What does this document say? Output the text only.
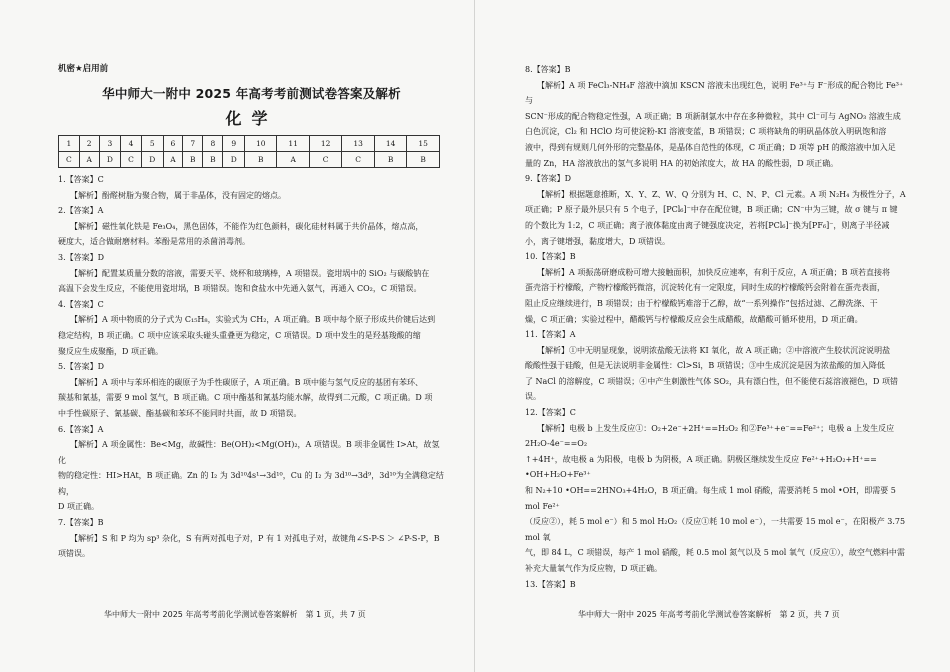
机密★启用前
华中师大一附中 2025 年高考考前测试卷答案及解析
化学
1	2	3	4	5	6	7	8	9	10	11	12	13	14	15
C	A	D	C	D	A	B	B	D	B	A	C	C	B	B

1.【答案】C

【解析】酚醛树脂为聚合物，属于非晶体，没有固定的熔点。

2.【答案】A

【解析】磁性氧化铁是 Fe₃O₄，黑色固体，不能作为红色颜料，碳化硅材料属于共价晶体，熔点高，

硬度大，适合做耐磨材料。苯酚是常用的杀菌消毒剂。

3.【答案】D

【解析】配置某质量分数的溶液，需要天平、烧杯和玻璃棒，A 项错误。瓷坩埚中的 SiO₂ 与碳酸钠在

高温下会发生反应，不能使用瓷坩埚，B 项错误。饱和食盐水中先通入氨气，再通入 CO₂，C 项错误。

4.【答案】C

【解析】A 项中物质的分子式为 C₁₅H₈，实验式为 CH₂，A 项正确。B 项中每个原子形成共价键后达到

稳定结构，B 项正确。C 项中应该采取头碰头重叠更为稳定，C 项错误。D 项中发生的是羟基羧酸的缩

聚反应生成聚酯，D 项正确。

5.【答案】D

【解析】A 项中与苯环相连的碳原子为手性碳原子，A 项正确。B 项中能与氢气反应的基团有苯环、

羰基和氰基，需要 9 mol 氢气，B 项正确。C 项中酯基和氰基均能水解，故得到二元酸，C 项正确。D 项

中手性碳原子、氰基碳、酯基碳和苯环不能同时共面，故 D 项错误。

6.【答案】A

【解析】A 项金属性：Be<Mg，故碱性：Be(OH)₂<Mg(OH)₂，A 项错误。B 项非金属性 I>At，故氢化

物的稳定性：HI>HAt，B 项正确。Zn 的 I₂ 为 3d¹⁰4s¹→3d¹⁰，Cu 的 I₂ 为 3d¹⁰→3d⁹，3d¹⁰为全满稳定结构，

D 项正确。

7.【答案】B

【解析】S 和 P 均为 sp³ 杂化，S 有两对孤电子对，P 有 1 对孤电子对，故键角∠S-P-S ＞ ∠P-S-P，B

项错误。

华中师大一附中 2025 年高考考前化学测试卷答案解析　第 1 页，共 7 页

8.【答案】B

【解析】A 项 FeCl₃-NH₄F 溶液中滴加 KSCN 溶液未出现红色，说明 Fe³⁺与 F⁻形成的配合物比 Fe³⁺与

SCN⁻形成的配合物稳定性强，A 项正确；B 项新制氯水中存在多种微粒，其中 Cl⁻可与 AgNO₃ 溶液生成

白色沉淀，Cl₂ 和 HClO 均可使淀粉-KI 溶液变蓝，B 项错误；C 项将缺角的明矾晶体放入明矾饱和溶

液中，得到有规则几何外形的完整晶体，是晶体自范性的体现，C 项正确；D 项等 pH 的酸溶液中加入足

量的 Zn，HA 溶液放出的氢气多说明 HA 的初始浓度大，故 HA 的酸性弱，D 项正确。

9.【答案】D

【解析】根据题意推断，X、Y、Z、W、Q 分别为 H、C、N、P、Cl 元素。A 项 N₂H₄ 为极性分子，A

项正确；P 原子最外层只有 5 个电子，[PCl₆]⁻中存在配位键，B 项正确；CN⁻中为三键，故 σ 键与 π 键

的个数比为 1:2，C 项正确；离子液体黏度由离子键强度决定，若将[PCl₆]⁻换为[PF₆]⁻，则离子半径减

小，离子键增强，黏度增大，D 项错误。

10.【答案】B

【解析】A 项振荡研磨成粉可增大接触面积，加快反应速率，有利于反应，A 项正确；B 项若直接将

蛋壳溶于柠檬酸，产物柠檬酸钙微溶，沉淀转化有一定限度，同时生成的柠檬酸钙会附着在蛋壳表面，

阻止反应继续进行，B 项错误；由于柠檬酸钙难溶于乙醇，故“一系列操作”包括过滤、乙醇洗涤、干

燥，C 项正确；实验过程中，醋酸钙与柠檬酸反应会生成醋酸，故醋酸可循环使用，D 项正确。

11.【答案】A

【解析】①中无明显现象，说明浓盐酸无法将 KI 氧化，故 A 项正确；②中溶液产生胶状沉淀说明盐

酸酸性强于硅酸，但是无法说明非金属性：Cl>Si，B 项错误；③中生成沉淀是因为浓盐酸的加入降低

了 NaCl 的溶解度，C 项错误；④中产生刺激性气体 SO₂，具有漂白性，但不能使石蕊溶液褪色，D 项错

误。

12.【答案】C

【解析】电极 b 上发生反应①：O₂+2e⁻+2H⁺==H₂O₂ 和②Fe³⁺+e⁻==Fe²⁺；电极 a 上发生反应 2H₂O-4e⁻==O₂

↑+4H⁺，故电极 a 为阳极，电极 b 为阴极，A 项正确。阴极区继续发生反应 Fe²⁺+H₂O₂+H⁺== •OH+H₂O+Fe³⁺

和 N₂+10 •OH==2HNO₃+4H₂O，B 项正确。每生成 1 mol 硝酸，需要消耗 5 mol •OH，即需要 5 mol Fe²⁺

（反应②），耗 5 mol e⁻）和 5 mol H₂O₂（反应①耗 10 mol e⁻），一共需要 15 mol e⁻，在阳极产 3.75 mol 氧

气，即 84 L，C 项错误，每产 1 mol 硝酸，耗 0.5 mol 氮气以及 5 mol 氧气（反应①），故空气燃料中需

补充大量氧气作为反应物，D 项正确。

13.【答案】B

华中师大一附中 2025 年高考考前化学测试卷答案解析　第 2 页，共 7 页
